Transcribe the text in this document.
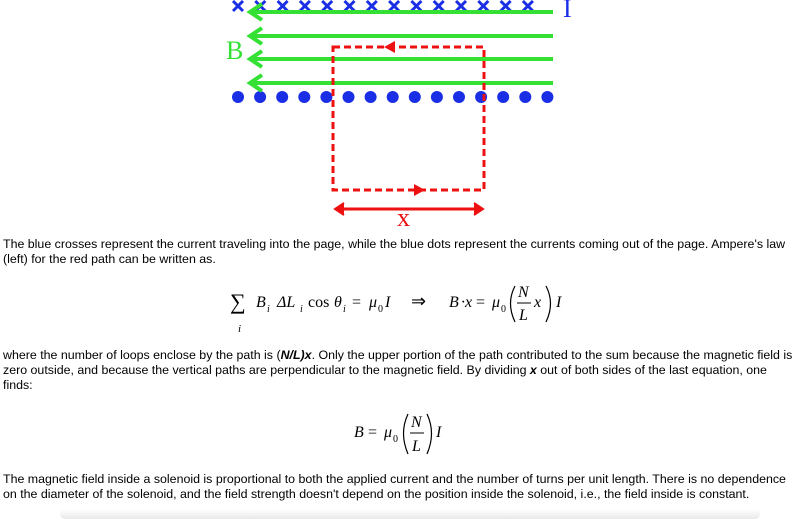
B
I
x
The blue crosses represent the current traveling into the page, while the blue dots represent the currents coming out of the page. Ampere's law (left) for the red path can be written as.
∑
i
B i ΔL i cos θ i = μ 0 I ⇒ B ·x = μ 0
N
L
x I
where the number of loops enclose by the path is (N/L)x. Only the upper portion of the path contributed to the sum because the magnetic field is zero outside, and because the vertical paths are perpendicular to the magnetic field. By dividing x out of both sides of the last equation, one finds:
B = μ 0
N
L
I
The magnetic field inside a solenoid is proportional to both the applied current and the number of turns per unit length. There is no dependence on the diameter of the solenoid, and the field strength doesn't depend on the position inside the solenoid, i.e., the field inside is constant.
